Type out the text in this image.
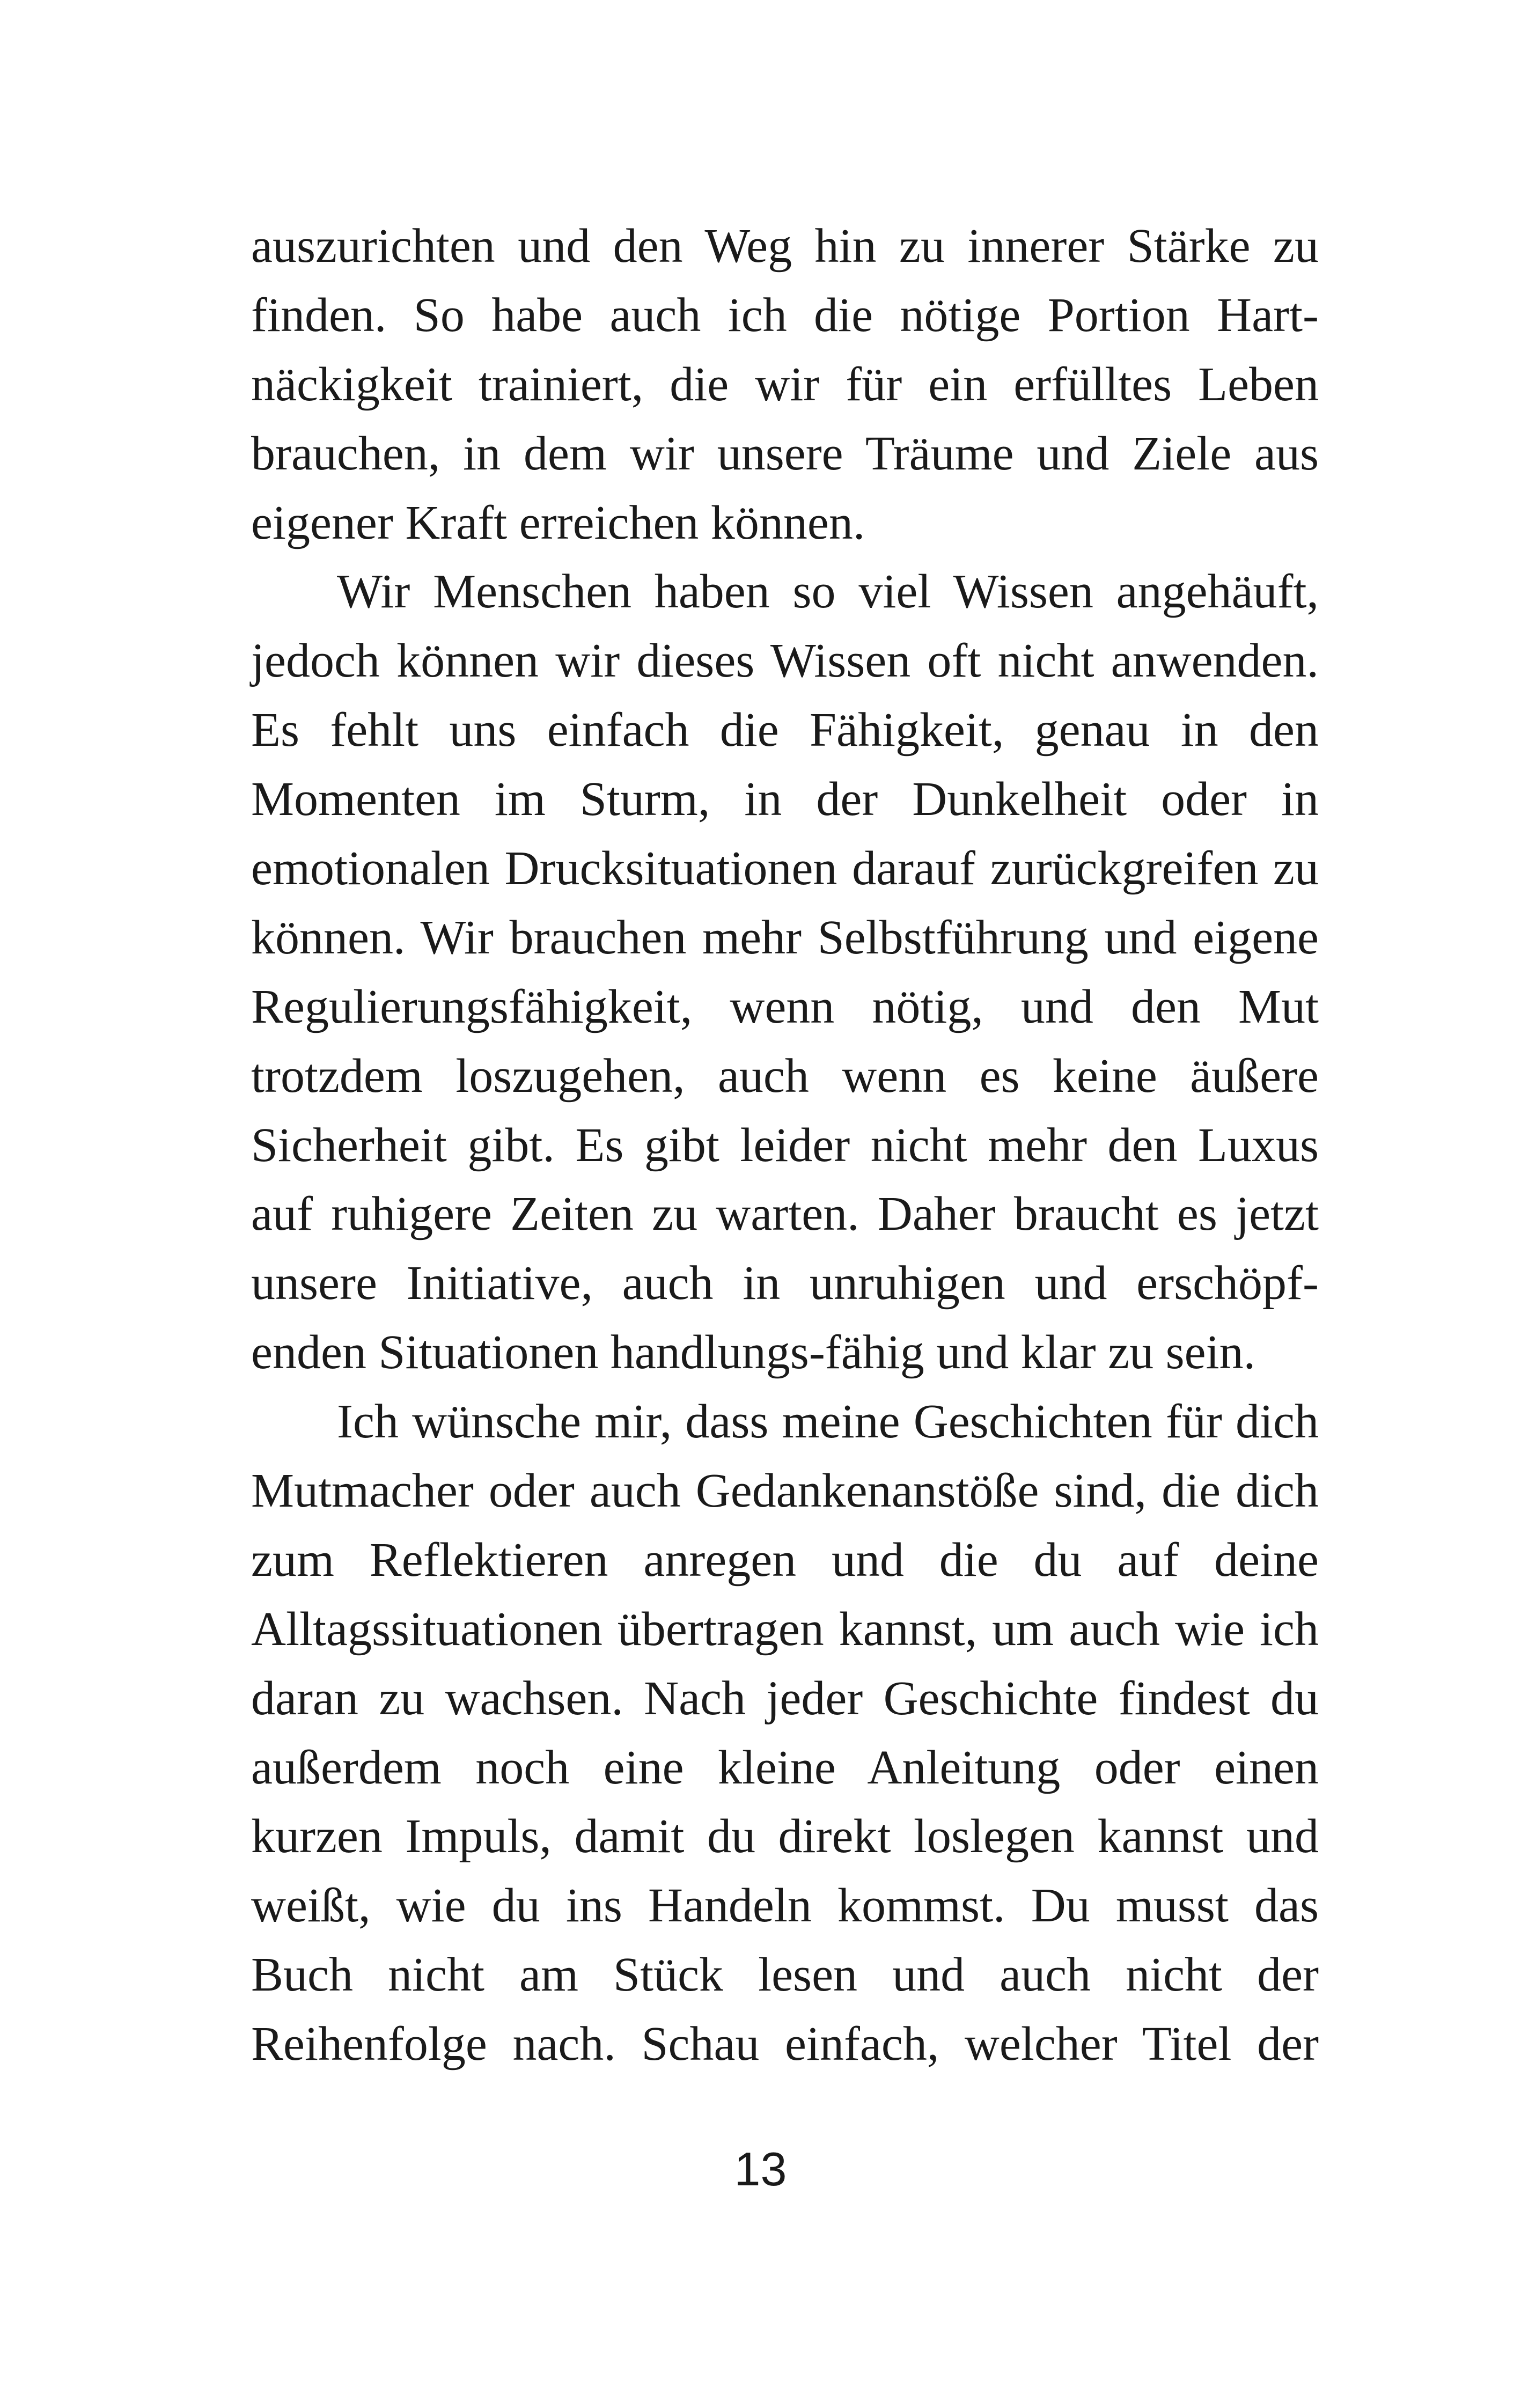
auszurichten und den Weg hin zu innerer Stärke zu
finden. So habe auch ich die nötige Portion Hart-
näckigkeit trainiert, die wir für ein erfülltes Leben
brauchen, in dem wir unsere Träume und Ziele aus
eigener Kraft erreichen können.
Wir Menschen haben so viel Wissen angehäuft,
jedoch können wir dieses Wissen oft nicht anwenden.
Es fehlt uns einfach die Fähigkeit, genau in den
Momenten im Sturm, in der Dunkelheit oder in
emotionalen Drucksituationen darauf zurückgreifen zu
können. Wir brauchen mehr Selbstführung und eigene
Regulierungsfähigkeit, wenn nötig, und den Mut
trotzdem loszugehen, auch wenn es keine äußere
Sicherheit gibt. Es gibt leider nicht mehr den Luxus
auf ruhigere Zeiten zu warten. Daher braucht es jetzt
unsere Initiative, auch in unruhigen und erschöpf-
enden Situationen handlungs-fähig und klar zu sein.
Ich wünsche mir, dass meine Geschichten für dich
Mutmacher oder auch Gedankenanstöße sind, die dich
zum Reflektieren anregen und die du auf deine
Alltagssituationen übertragen kannst, um auch wie ich
daran zu wachsen. Nach jeder Geschichte findest du
außerdem noch eine kleine Anleitung oder einen
kurzen Impuls, damit du direkt loslegen kannst und
weißt, wie du ins Handeln kommst. Du musst das
Buch nicht am Stück lesen und auch nicht der
Reihenfolge nach. Schau einfach, welcher Titel der
13
